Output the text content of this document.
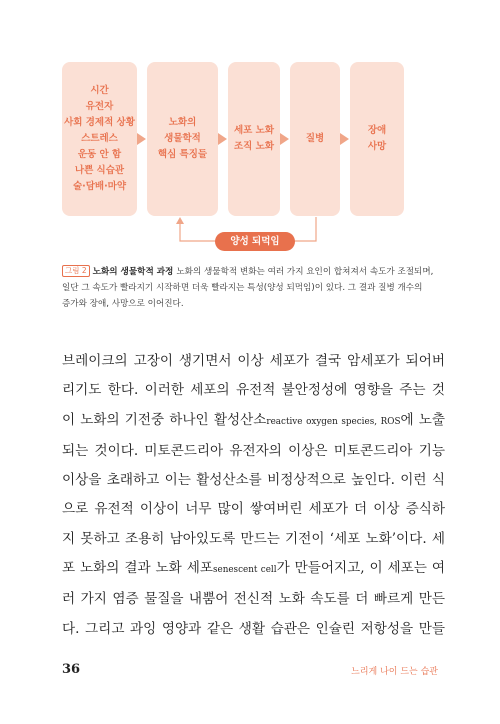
시간
유전자
사회 경제적 상황
스트레스
운동 안 함
나쁜 식습관
술·담배·마약
노화의
생물학적
핵심 특징들
세포 노화
조직 노화
질병
장애
사망
양성 되먹임
그림 2 노화의 생물학적 과정 노화의 생물학적 변화는 여러 가지 요인이 합쳐져서 속도가 조절되며, 일단 그 속도가 빨라지기 시작하면 더욱 빨라지는 특성(양성 되먹임)이 있다. 그 결과 질병 개수의 증가와 장애, 사망으로 이어진다.
브레이크의 고장이 생기면서 이상 세포가 결국 암세포가 되어버
리기도 한다. 이러한 세포의 유전적 불안정성에 영향을 주는 것
이 노화의 기전중 하나인 활성산소reactive oxygen species, ROS에 노출
되는 것이다. 미토콘드리아 유전자의 이상은 미토콘드리아 기능
이상을 초래하고 이는 활성산소를 비정상적으로 높인다. 이런 식
으로 유전적 이상이 너무 많이 쌓여버린 세포가 더 이상 증식하
지 못하고 조용히 남아있도록 만드는 기전이 ‘세포 노화’이다. 세
포 노화의 결과 노화 세포senescent cell가 만들어지고, 이 세포는 여
러 가지 염증 물질을 내뿜어 전신적 노화 속도를 더 빠르게 만든
다. 그리고 과잉 영양과 같은 생활 습관은 인슐린 저항성을 만들
36	느리게 나이 드는 습관
